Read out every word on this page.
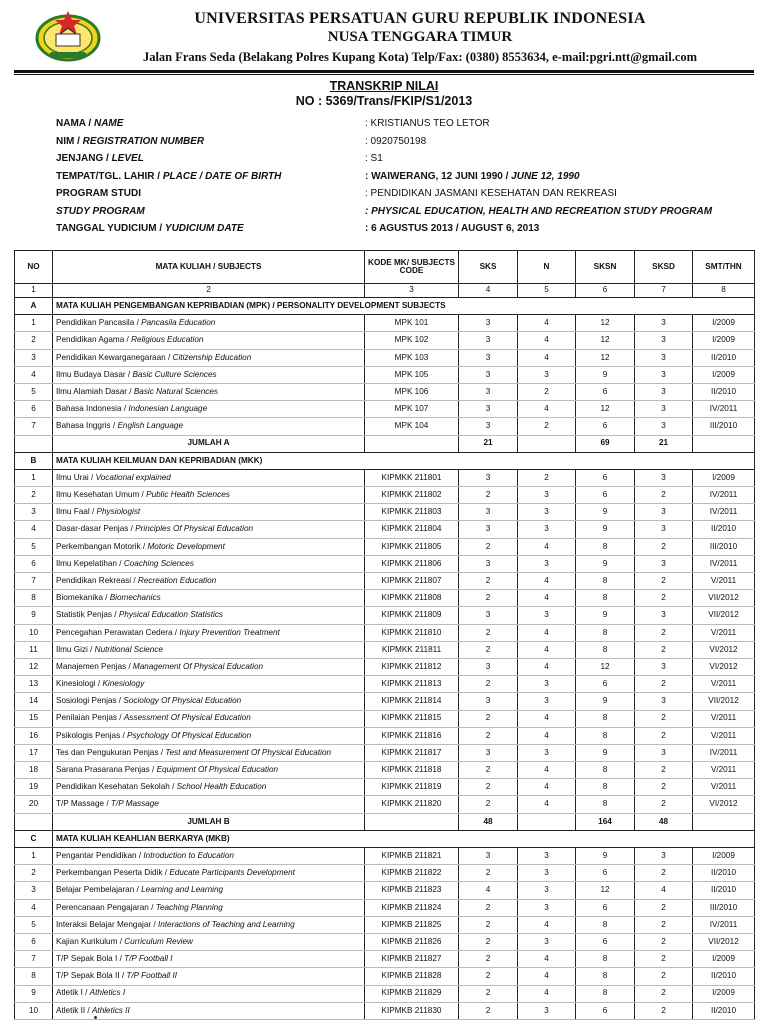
UNIVERSITAS PERSATUAN GURU REPUBLIK INDONESIA
NUSA TENGGARA TIMUR
Jalan Frans Seda (Belakang Polres Kupang Kota) Telp/Fax: (0380) 8553634, e-mail:pgri.ntt@gmail.com
TRANSKRIP NILAI
NO : 5369/Trans/FKIP/S1/2013
NAMA / NAME	: KRISTIANUS TEO LETOR
NIM / REGISTRATION NUMBER	: 0920750198
JENJANG / LEVEL	: S1
TEMPAT/TGL. LAHIR / PLACE / DATE OF BIRTH	: WAIWERANG, 12 JUNI 1990 / JUNE 12, 1990
PROGRAM STUDI	: PENDIDIKAN JASMANI KESEHATAN DAN REKREASI
STUDY PROGRAM	: PHYSICAL EDUCATION, HEALTH AND RECREATION STUDY PROGRAM
TANGGAL YUDICIUM / YUDICIUM DATE	: 6 AGUSTUS 2013 / AUGUST 6, 2013
NO	MATA KULIAH / SUBJECTS	KODE MK/ SUBJECTS CODE	SKS	N	SKSN	SKSD	SMT/THN
1	2	3	4	5	6	7	8
A	MATA KULIAH PENGEMBANGAN KEPRIBADIAN (MPK) / PERSONALITY DEVELOPMENT SUBJECTS						
1	Pendidikan Pancasila / Pancasila Education	MPK 101	3	4	12	3	I/2009
2	Pendidikan Agama / Religious Education	MPK 102	3	4	12	3	I/2009
3	Pendidikan Kewarganegaraan / Citizenship Education	MPK 103	3	4	12	3	II/2010
4	Ilmu Budaya Dasar / Basic Culture Sciences	MPK 105	3	3	9	3	I/2009
5	Ilmu Alamiah Dasar / Basic Natural Sciences	MPK 106	3	2	6	3	II/2010
6	Bahasa Indonesia / Indonesian Language	MPK 107	3	4	12	3	IV/2011
7	Bahasa Inggris / English Language	MPK 104	3	2	6	3	III/2010
	JUMLAH A		21		69	21	
B	MATA KULIAH KEILMUAN DAN KEPRIBADIAN (MKK)						
1	Ilmu Urai / Vocational explained	KIPMKK 211801	3	2	6	3	I/2009
2	Ilmu Kesehatan Umum / Public Health Sciences	KIPMKK 211802	2	3	6	2	IV/2011
3	Ilmu Faal / Physiologist	KIPMKK 211803	3	3	9	3	IV/2011
4	Dasar-dasar Penjas / Principles Of Physical Education	KIPMKK 211804	3	3	9	3	II/2010
5	Perkembangan Motorik / Motoric Development	KIPMKK 211805	2	4	8	2	III/2010
6	Ilmu Kepelatihan / Coaching Sciences	KIPMKK 211806	3	3	9	3	IV/2011
7	Pendidikan Rekreasi / Recreation Education	KIPMKK 211807	2	4	8	2	V/2011
8	Biomekanika / Biomechanics	KIPMKK 211808	2	4	8	2	VII/2012
9	Statistik Penjas / Physical Education Statistics	KIPMKK 211809	3	3	9	3	VII/2012
10	Pencegahan Perawatan Cedera / Injury Prevention Treatment	KIPMKK 211810	2	4	8	2	V/2011
11	Ilmu Gizi / Nutritional Science	KIPMKK 211811	2	4	8	2	VI/2012
12	Manajemen Penjas / Management Of Physical Education	KIPMKK 211812	3	4	12	3	VI/2012
13	Kinesiologi / Kinesiology	KIPMKK 211813	2	3	6	2	V/2011
14	Sosiologi Penjas / Sociology Of Physical Education	KIPMKK 211814	3	3	9	3	VII/2012
15	Penilaian Penjas / Assessment Of Physical Education	KIPMKK 211815	2	4	8	2	V/2011
16	Psikologis Penjas / Psychology Of Physical Education	KIPMKK 211816	2	4	8	2	V/2011
17	Tes dan Pengukuran Penjas / Test and Measurement Of Physical Education	KIPMKK 211817	3	3	9	3	IV/2011
18	Sarana Prasarana Penjas / Equipment Of Physical Education	KIPMKK 211818	2	4	8	2	V/2011
19	Pendidikan Kesehatan Sekolah / School Health Education	KIPMKK 211819	2	4	8	2	V/2011
20	T/P Massage / T/P Massage	KIPMKK 211820	2	4	8	2	VI/2012
	JUMLAH B		48		164	48	
C	MATA KULIAH KEAHLIAN BERKARYA (MKB)						
1	Pengantar Pendidikan / Introduction to Education	KIPMKB 211821	3	3	9	3	I/2009
2	Perkembangan Peserta Didik / Educate Participants Development	KIPMKB 211822	2	3	6	2	II/2010
3	Belajar Pembelajaran / Learning and Learning	KIPMKB 211823	4	3	12	4	II/2010
4	Perencanaan Pengajaran / Teaching Planning	KIPMKB 211824	2	3	6	2	III/2010
5	Interaksi Belajar Mengajar / Interactions of Teaching and Learning	KIPMKB 211825	2	4	8	2	IV/2011
6	Kajian Kurikulum / Curriculum Review	KIPMKB 211826	2	3	6	2	VII/2012
7	T/P Sepak Bola I / T/P Football I	KIPMKB 211827	2	4	8	2	I/2009
8	T/P Sepak Bola II / T/P Football II	KIPMKB 211828	2	4	8	2	II/2010
9	Atletik I / Athletics I	KIPMKB 211829	2	4	8	2	I/2009
10	Atletik II / Athletics II	KIPMKB 211830	2	3	6	2	II/2010
